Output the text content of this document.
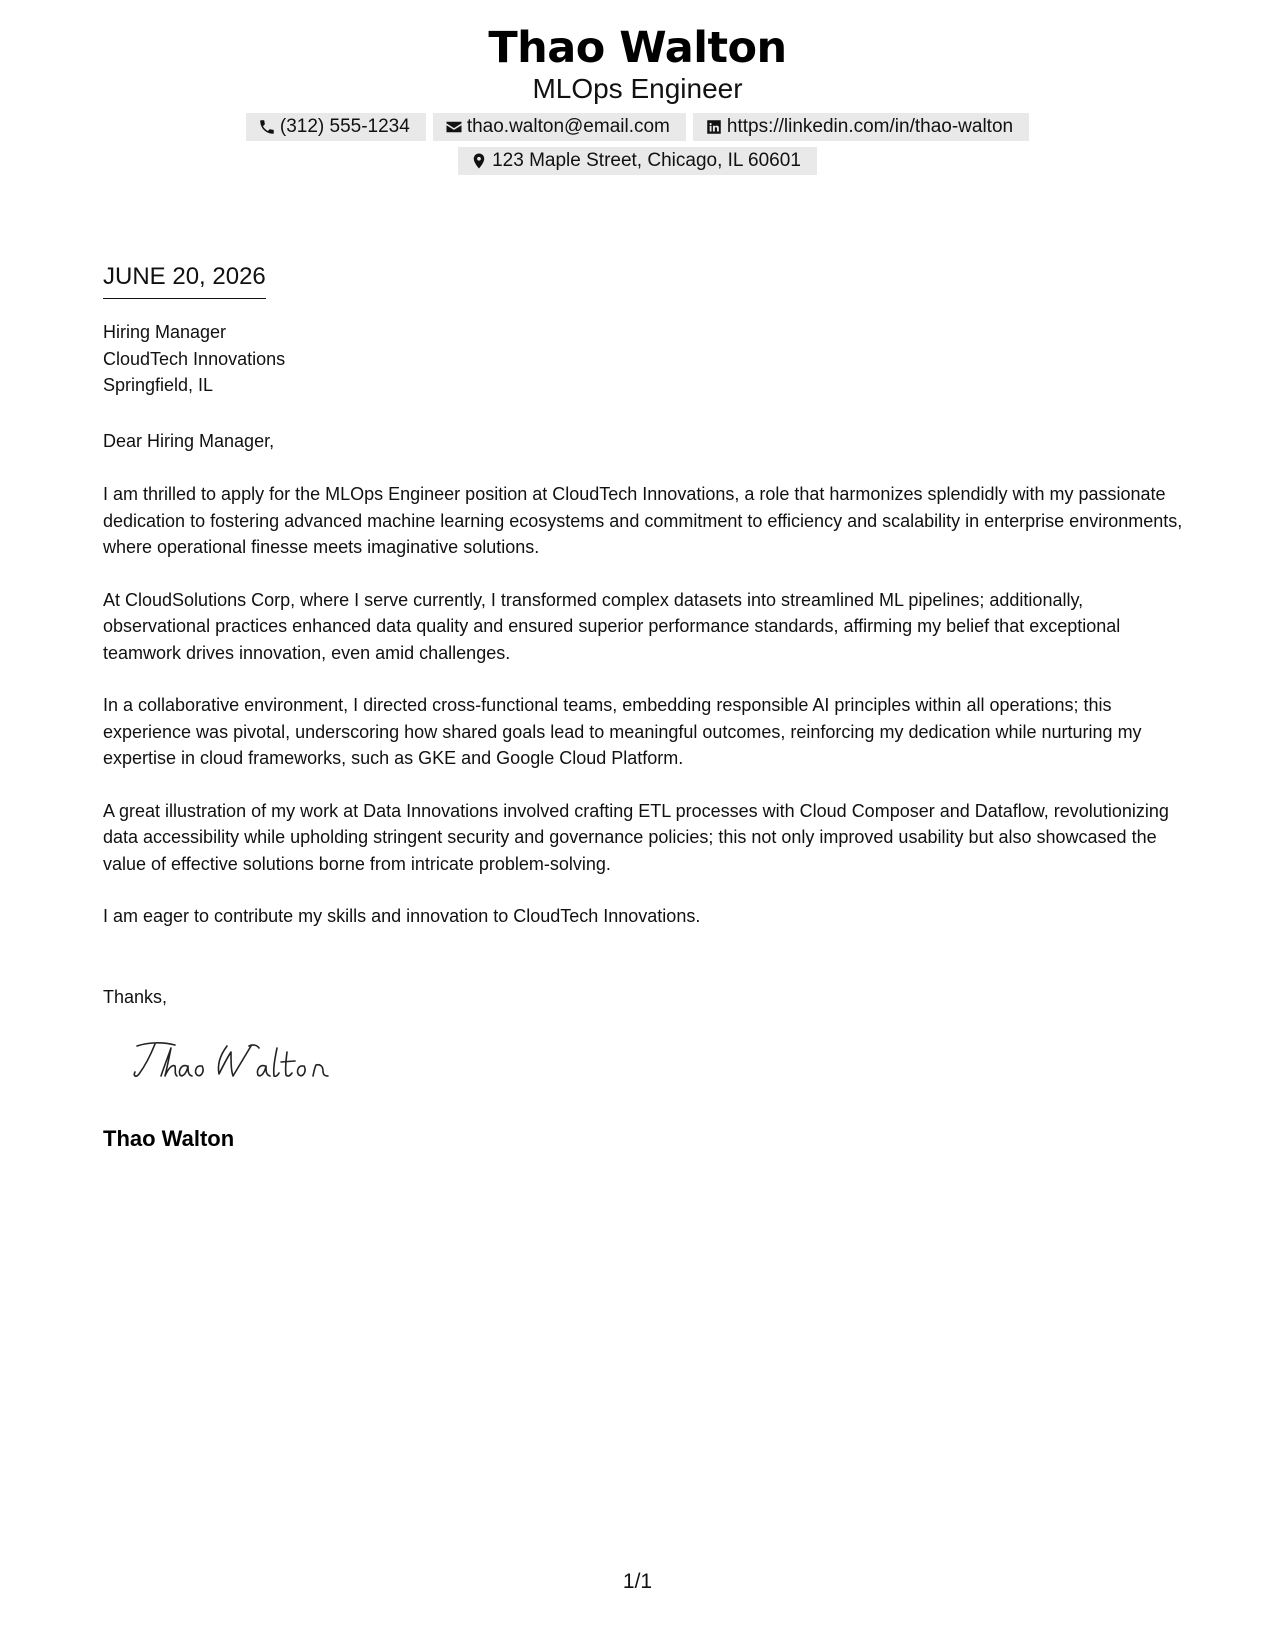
Thao Walton
MLOps Engineer
(312) 555-1234	thao.walton@email.com	https://linkedin.com/in/thao-walton
123 Maple Street, Chicago, IL 60601
JUNE 20, 2026
Hiring Manager
CloudTech Innovations
Springfield, IL
Dear Hiring Manager,

I am thrilled to apply for the MLOps Engineer position at CloudTech Innovations, a role that harmonizes splendidly with my passionate dedication to fostering advanced machine learning ecosystems and commitment to efficiency and scalability in enterprise environments, where operational finesse meets imaginative solutions.

At CloudSolutions Corp, where I serve currently, I transformed complex datasets into streamlined ML pipelines; additionally, observational practices enhanced data quality and ensured superior performance standards, affirming my belief that exceptional teamwork drives innovation, even amid challenges.

In a collaborative environment, I directed cross-functional teams, embedding responsible AI principles within all operations; this experience was pivotal, underscoring how shared goals lead to meaningful outcomes, reinforcing my dedication while nurturing my expertise in cloud frameworks, such as GKE and Google Cloud Platform.

A great illustration of my work at Data Innovations involved crafting ETL processes with Cloud Composer and Dataflow, revolutionizing data accessibility while upholding stringent security and governance policies; this not only improved usability but also showcased the value of effective solutions borne from intricate problem-solving.

I am eager to contribute my skills and innovation to CloudTech Innovations.

Thanks,
Thao Walton
1/1
